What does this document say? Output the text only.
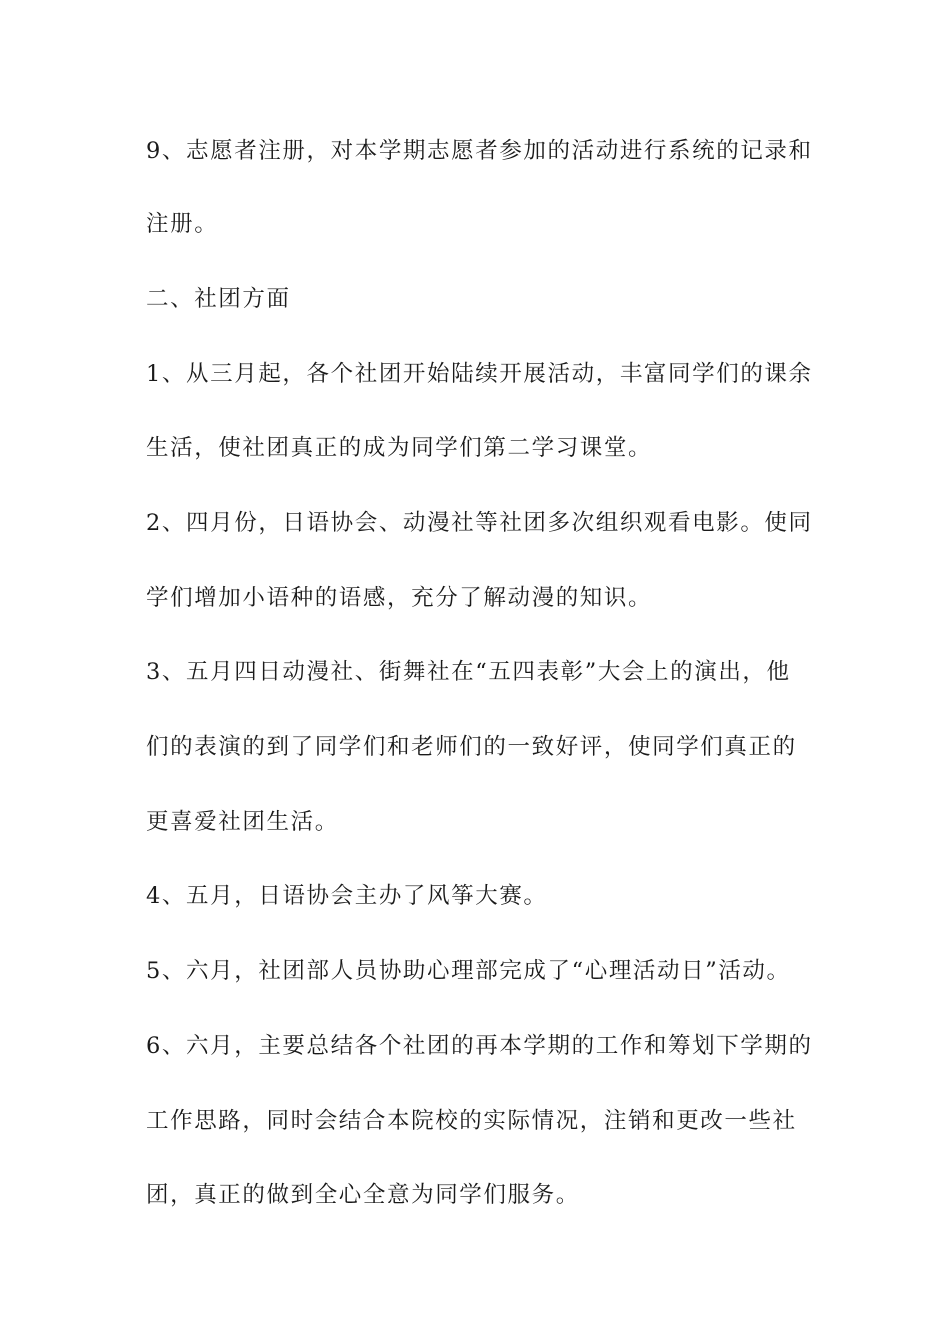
9、志愿者注册，对本学期志愿者参加的活动进行系统的记录和
注册。
二、社团方面
1、从三月起，各个社团开始陆续开展活动，丰富同学们的课余
生活，使社团真正的成为同学们第二学习课堂。
2、四月份，日语协会、动漫社等社团多次组织观看电影。使同
学们增加小语种的语感，充分了解动漫的知识。
3、五月四日动漫社、街舞社在“五四表彰”大会上的演出，他
们的表演的到了同学们和老师们的一致好评，使同学们真正的
更喜爱社团生活。
4、五月，日语协会主办了风筝大赛。
5、六月，社团部人员协助心理部完成了“心理活动日”活动。
6、六月，主要总结各个社团的再本学期的工作和筹划下学期的
工作思路，同时会结合本院校的实际情况，注销和更改一些社
团，真正的做到全心全意为同学们服务。
